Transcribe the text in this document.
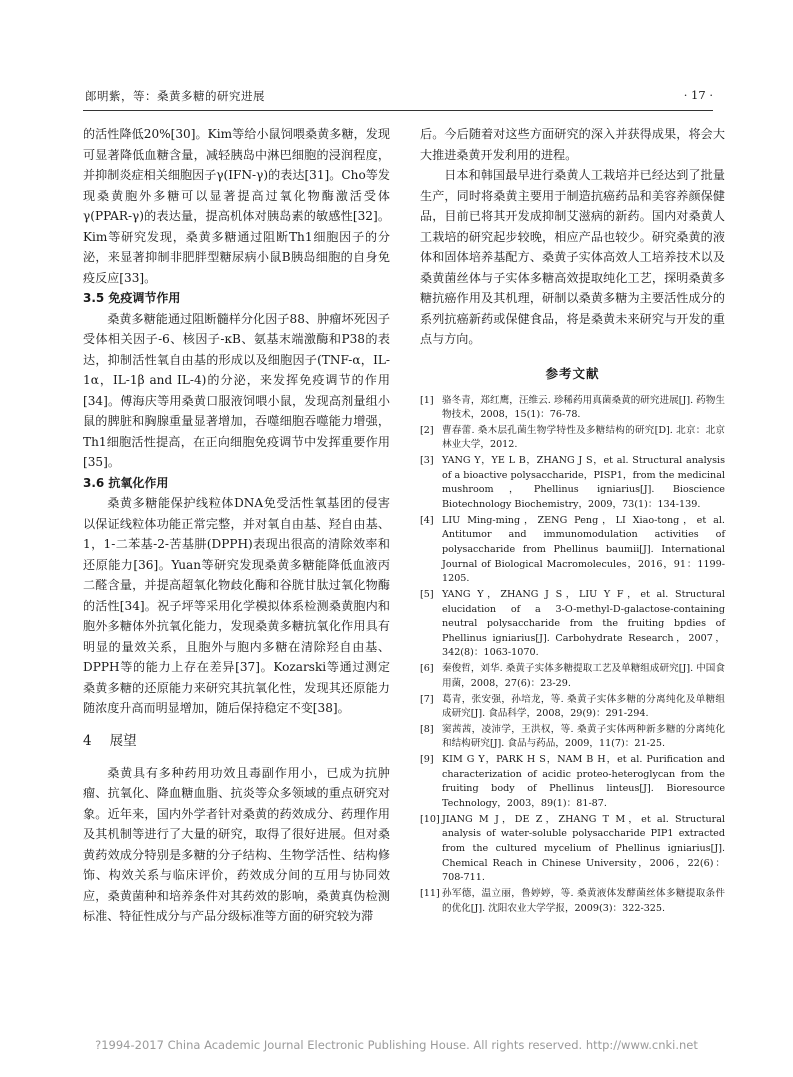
郎明紫，等：桑黄多糖的研究进展	· 17 ·

的活性降低20%[30]。Kim等给小鼠饲喂桑黄多糖，发现可显著降低血糖含量，减轻胰岛中淋巴细胞的浸润程度，并抑制炎症相关细胞因子γ(IFN-γ)的表达[31]。Cho等发现桑黄胞外多糖可以显著提高过氧化物酶激活受体γ(PPAR-γ)的表达量，提高机体对胰岛素的敏感性[32]。Kim等研究发现，桑黄多糖通过阻断Th1细胞因子的分泌，来显著抑制非肥胖型糖尿病小鼠B胰岛细胞的自身免疫反应[33]。

3.5 免疫调节作用

桑黄多糖能通过阻断髓样分化因子88、肿瘤坏死因子受体相关因子-6、核因子-κB、氨基末端激酶和P38的表达，抑制活性氧自由基的形成以及细胞因子(TNF-α，IL-1α，IL-1β and IL-4)的分泌，来发挥免疫调节的作用[34]。傅海庆等用桑黄口服液饲喂小鼠，发现高剂量组小鼠的脾脏和胸腺重量显著增加，吞噬细胞吞噬能力增强，Th1细胞活性提高，在正向细胞免疫调节中发挥重要作用[35]。

3.6 抗氧化作用

桑黄多糖能保护线粒体DNA免受活性氧基团的侵害以保证线粒体功能正常完整，并对氧自由基、羟自由基、1，1-二苯基-2-苦基肼(DPPH)表现出很高的清除效率和还原能力[36]。Yuan等研究发现桑黄多糖能降低血液丙二醛含量，并提高超氧化物歧化酶和谷胱甘肽过氧化物酶的活性[34]。祝子坪等采用化学模拟体系检测桑黄胞内和胞外多糖体外抗氧化能力，发现桑黄多糖抗氧化作用具有明显的量效关系，且胞外与胞内多糖在清除羟自由基、DPPH等的能力上存在差异[37]。Kozarski等通过测定桑黄多糖的还原能力来研究其抗氧化性，发现其还原能力随浓度升高而明显增加，随后保持稳定不变[38]。

4 展望

桑黄具有多种药用功效且毒副作用小，已成为抗肿瘤、抗氧化、降血糖血脂、抗炎等众多领域的重点研究对象。近年来，国内外学者针对桑黄的药效成分、药理作用及其机制等进行了大量的研究，取得了很好进展。但对桑黄药效成分特别是多糖的分子结构、生物学活性、结构修饰、构效关系与临床评价，药效成分间的互用与协同效应，桑黄菌种和培养条件对其药效的影响，桑黄真伪检测标准、特征性成分与产品分级标准等方面的研究较为滞

后。今后随着对这些方面研究的深入并获得成果，将会大大推进桑黄开发利用的进程。

日本和韩国最早进行桑黄人工栽培并已经达到了批量生产，同时将桑黄主要用于制造抗癌药品和美容养颜保健品，目前已将其开发成抑制艾滋病的新药。国内对桑黄人工栽培的研究起步较晚，相应产品也较少。研究桑黄的液体和固体培养基配方、桑黄子实体高效人工培养技术以及桑黄菌丝体与子实体多糖高效提取纯化工艺，探明桑黄多糖抗癌作用及其机理，研制以桑黄多糖为主要活性成分的系列抗癌新药或保健食品，将是桑黄未来研究与开发的重点与方向。

参考文献
[1] 骆冬青，郑红鹰，汪维云. 珍稀药用真菌桑黄的研究进展[J]. 药物生物技术，2008，15(1)：76-78.
[2] 曹春蕾. 桑木层孔菌生物学特性及多糖结构的研究[D]. 北京：北京林业大学，2012.
[3] YANG Y，YE L B，ZHANG J S，et al. Structural analysis of a bioactive polysaccharide，PISP1，from the medicinal mushroom，Phellinus igniarius[J]. Bioscience Biotechnology Biochemistry，2009，73(1)：134-139.
[4] LIU Ming-ming，ZENG Peng，LI Xiao-tong，et al. Antitumor and immunomodulation activities of polysaccharide from Phellinus baumii[J]. International Journal of Biological Macromolecules，2016，91：1199-1205.
[5] YANG Y，ZHANG J S，LIU Y F，et al. Structural elucidation of a 3-O-methyl-D-galactose-containing neutral polysaccharide from the fruiting bpdies of Phellinus igniarius[J]. Carbohydrate Research，2007，342(8)：1063-1070.
[6] 秦俊哲，刘华. 桑黄子实体多糖提取工艺及单糖组成研究[J]. 中国食用菌，2008，27(6)：23-29.
[7] 葛青，张安强，孙培龙，等. 桑黄子实体多糖的分离纯化及单糖组成研究[J]. 食品科学，2008，29(9)：291-294.
[8] 窦茜茜，凌沛学，王洪权，等. 桑黄子实体两种新多糖的分离纯化和结构研究[J]. 食品与药品，2009，11(7)：21-25.
[9] KIM G Y，PARK H S，NAM B H，et al. Purification and characterization of acidic proteo-heteroglycan from the fruiting body of Phellinus linteus[J]. Bioresource Technology，2003，89(1)：81-87.
[10] JIANG M J，DE Z，ZHANG T M，et al. Structural analysis of water-soluble polysaccharide PIP1 extracted from the cultured mycelium of Phellinus igniarius[J]. Chemical Reach in Chinese University，2006，22(6)：708-711.
[11] 孙军德，温立丽，鲁婷婷，等. 桑黄液体发酵菌丝体多糖提取条件的优化[J]. 沈阳农业大学学报，2009(3)：322-325.
?1994-2017 China Academic Journal Electronic Publishing House. All rights reserved. http://www.cnki.net
